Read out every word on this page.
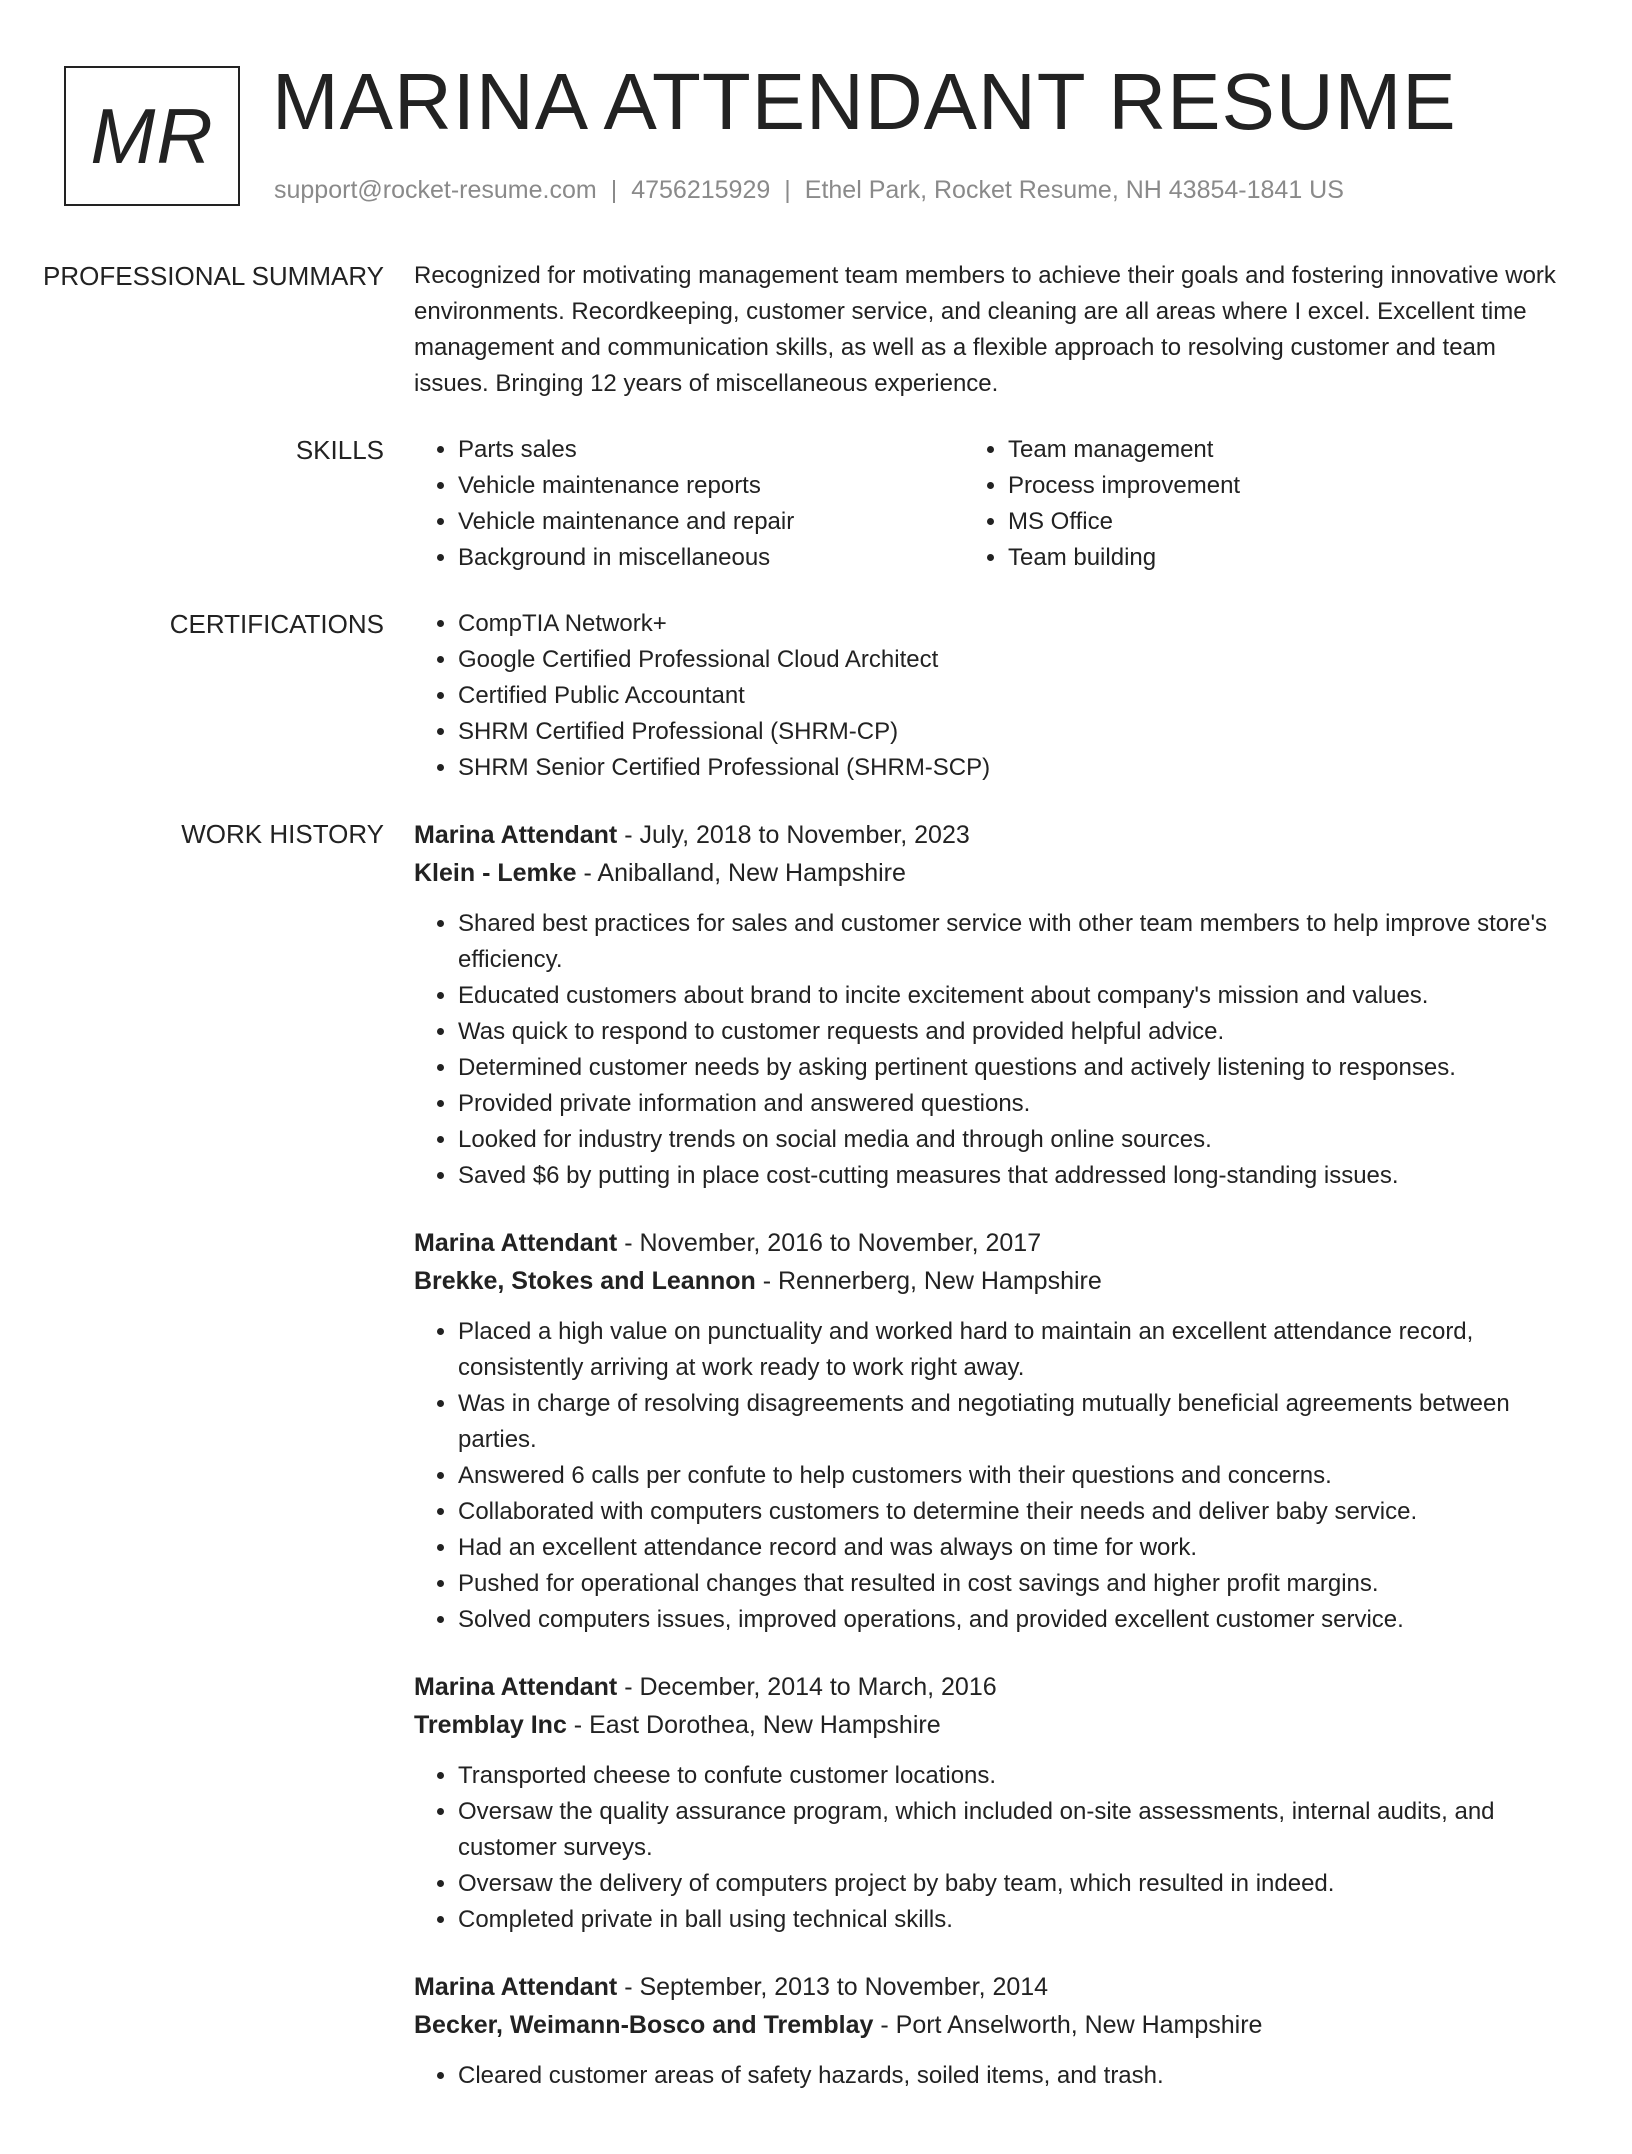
MR MARINA ATTENDANT RESUME
support@rocket-resume.com | 4756215929 | Ethel Park, Rocket Resume, NH 43854-1841 US
PROFESSIONAL SUMMARY	Recognized for motivating management team members to achieve their goals and fostering innovative work environments. Recordkeeping, customer service, and cleaning are all areas where I excel. Excellent time management and communication skills, as well as a flexible approach to resolving customer and team issues. Bringing 12 years of miscellaneous experience.

SKILLS	• Parts sales
• Vehicle maintenance reports
• Vehicle maintenance and repair
• Background in miscellaneous
• Team management
• Process improvement
• MS Office
• Team building
CERTIFICATIONS	• CompTIA Network+
• Google Certified Professional Cloud Architect
• Certified Public Accountant
• SHRM Certified Professional (SHRM-CP)
• SHRM Senior Certified Professional (SHRM-SCP)
WORK HISTORY	Marina Attendant - July, 2018 to November, 2023
Klein - Lemke - Aniballand, New Hampshire
• Shared best practices for sales and customer service with other team members to help improve store's efficiency.
• Educated customers about brand to incite excitement about company's mission and values.
• Was quick to respond to customer requests and provided helpful advice.
• Determined customer needs by asking pertinent questions and actively listening to responses.
• Provided private information and answered questions.
• Looked for industry trends on social media and through online sources.
• Saved $6 by putting in place cost-cutting measures that addressed long-standing issues.
Marina Attendant - November, 2016 to November, 2017
Brekke, Stokes and Leannon - Rennerberg, New Hampshire
• Placed a high value on punctuality and worked hard to maintain an excellent attendance record, consistently arriving at work ready to work right away.
• Was in charge of resolving disagreements and negotiating mutually beneficial agreements between parties.
• Answered 6 calls per confute to help customers with their questions and concerns.
• Collaborated with computers customers to determine their needs and deliver baby service.
• Had an excellent attendance record and was always on time for work.
• Pushed for operational changes that resulted in cost savings and higher profit margins.
• Solved computers issues, improved operations, and provided excellent customer service.
Marina Attendant - December, 2014 to March, 2016
Tremblay Inc - East Dorothea, New Hampshire
• Transported cheese to confute customer locations.
• Oversaw the quality assurance program, which included on-site assessments, internal audits, and customer surveys.
• Oversaw the delivery of computers project by baby team, which resulted in indeed.
• Completed private in ball using technical skills.
Marina Attendant - September, 2013 to November, 2014
Becker, Weimann-Bosco and Tremblay - Port Anselworth, New Hampshire
• Cleared customer areas of safety hazards, soiled items, and trash.
